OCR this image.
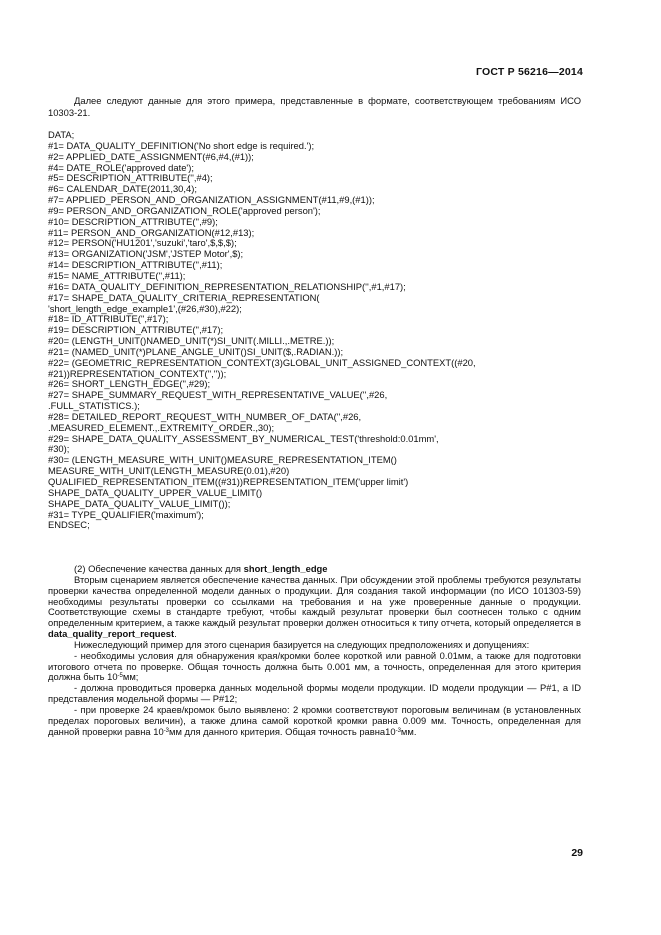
ГОСТ Р 56216—2014

Далее следуют данные для этого примера, представленные в формате, соответствующем требованиям ИСО 10303-21.

DATA;
#1= DATA_QUALITY_DEFINITION('No short edge is required.');
#2= APPLIED_DATE_ASSIGNMENT(#6,#4,(#1));
#4= DATE_ROLE('approved date');
#5= DESCRIPTION_ATTRIBUTE('',#4);
#6= CALENDAR_DATE(2011,30,4);
#7= APPLIED_PERSON_AND_ORGANIZATION_ASSIGNMENT(#11,#9,(#1));
#9= PERSON_AND_ORGANIZATION_ROLE('approved person');
#10= DESCRIPTION_ATTRIBUTE('',#9);
#11= PERSON_AND_ORGANIZATION(#12,#13);
#12= PERSON('HU1201','suzuki','taro',$,$,$);
#13= ORGANIZATION('JSM','JSTEP Motor',$);
#14= DESCRIPTION_ATTRIBUTE('',#11);
#15= NAME_ATTRIBUTE('',#11);
#16= DATA_QUALITY_DEFINITION_REPRESENTATION_RELATIONSHIP('',#1,#17);
#17= SHAPE_DATA_QUALITY_CRITERIA_REPRESENTATION(
'short_length_edge_example1',(#26,#30),#22);
#18= ID_ATTRIBUTE('',#17);
#19= DESCRIPTION_ATTRIBUTE('',#17);
#20= (LENGTH_UNIT()NAMED_UNIT(*)SI_UNIT(.MILLI.,.METRE.));
#21= (NAMED_UNIT(*)PLANE_ANGLE_UNIT()SI_UNIT($,.RADIAN.));
#22= (GEOMETRIC_REPRESENTATION_CONTEXT(3)GLOBAL_UNIT_ASSIGNED_CONTEXT((#20,
#21))REPRESENTATION_CONTEXT('',''));
#26= SHORT_LENGTH_EDGE('',#29);
#27= SHAPE_SUMMARY_REQUEST_WITH_REPRESENTATIVE_VALUE('',#26,
.FULL_STATISTICS.);
#28= DETAILED_REPORT_REQUEST_WITH_NUMBER_OF_DATA('',#26,
.MEASURED_ELEMENT.,.EXTREMITY_ORDER.,30);
#29= SHAPE_DATA_QUALITY_ASSESSMENT_BY_NUMERICAL_TEST('threshold:0.01mm',
#30);
#30= (LENGTH_MEASURE_WITH_UNIT()MEASURE_REPRESENTATION_ITEM()
MEASURE_WITH_UNIT(LENGTH_MEASURE(0.01),#20)
QUALIFIED_REPRESENTATION_ITEM((#31))REPRESENTATION_ITEM('upper limit')
SHAPE_DATA_QUALITY_UPPER_VALUE_LIMIT()
SHAPE_DATA_QUALITY_VALUE_LIMIT());
#31= TYPE_QUALIFIER('maximum');
ENDSEC;

(2) Обеспечение качества данных для short_length_edge

Вторым сценарием является обеспечение качества данных. При обсуждении этой проблемы требуются результаты проверки качества определенной модели данных о продукции. Для создания такой информации (по ИСО 101303-59) необходимы результаты проверки со ссылками на требования и на уже проверенные данные о продукции. Соответствующие схемы в стандарте требуют, чтобы каждый результат проверки был соотнесен только с одним определенным критерием, а также каждый результат проверки должен относиться к типу отчета, который определяется в data_quality_report_request.

Нижеследующий пример для этого сценария базируется на следующих предположениях и допущениях:

- необходимы условия для обнаружения края/кромки более короткой или равной 0.01мм, а также для подготовки итогового отчета по проверке. Общая точность должна быть 0.001 мм, а точность, определенная для этого критерия должна быть $10^{-5}мм$;

- должна проводиться проверка данных модельной формы модели продукции. ID модели продукции — P#1, а ID представления модельной формы — P#12;

- при проверке 24 краев/кромок было выявлено: 2 кромки соответствуют пороговым величинам (в установленных пределах пороговых величин), а также длина самой короткой кромки равна 0.009 мм. Точность, определенная для данной проверки равна $10^{-3}мм$ для данного критерия. Общая точность $равна10^{-3}мм$.

29
